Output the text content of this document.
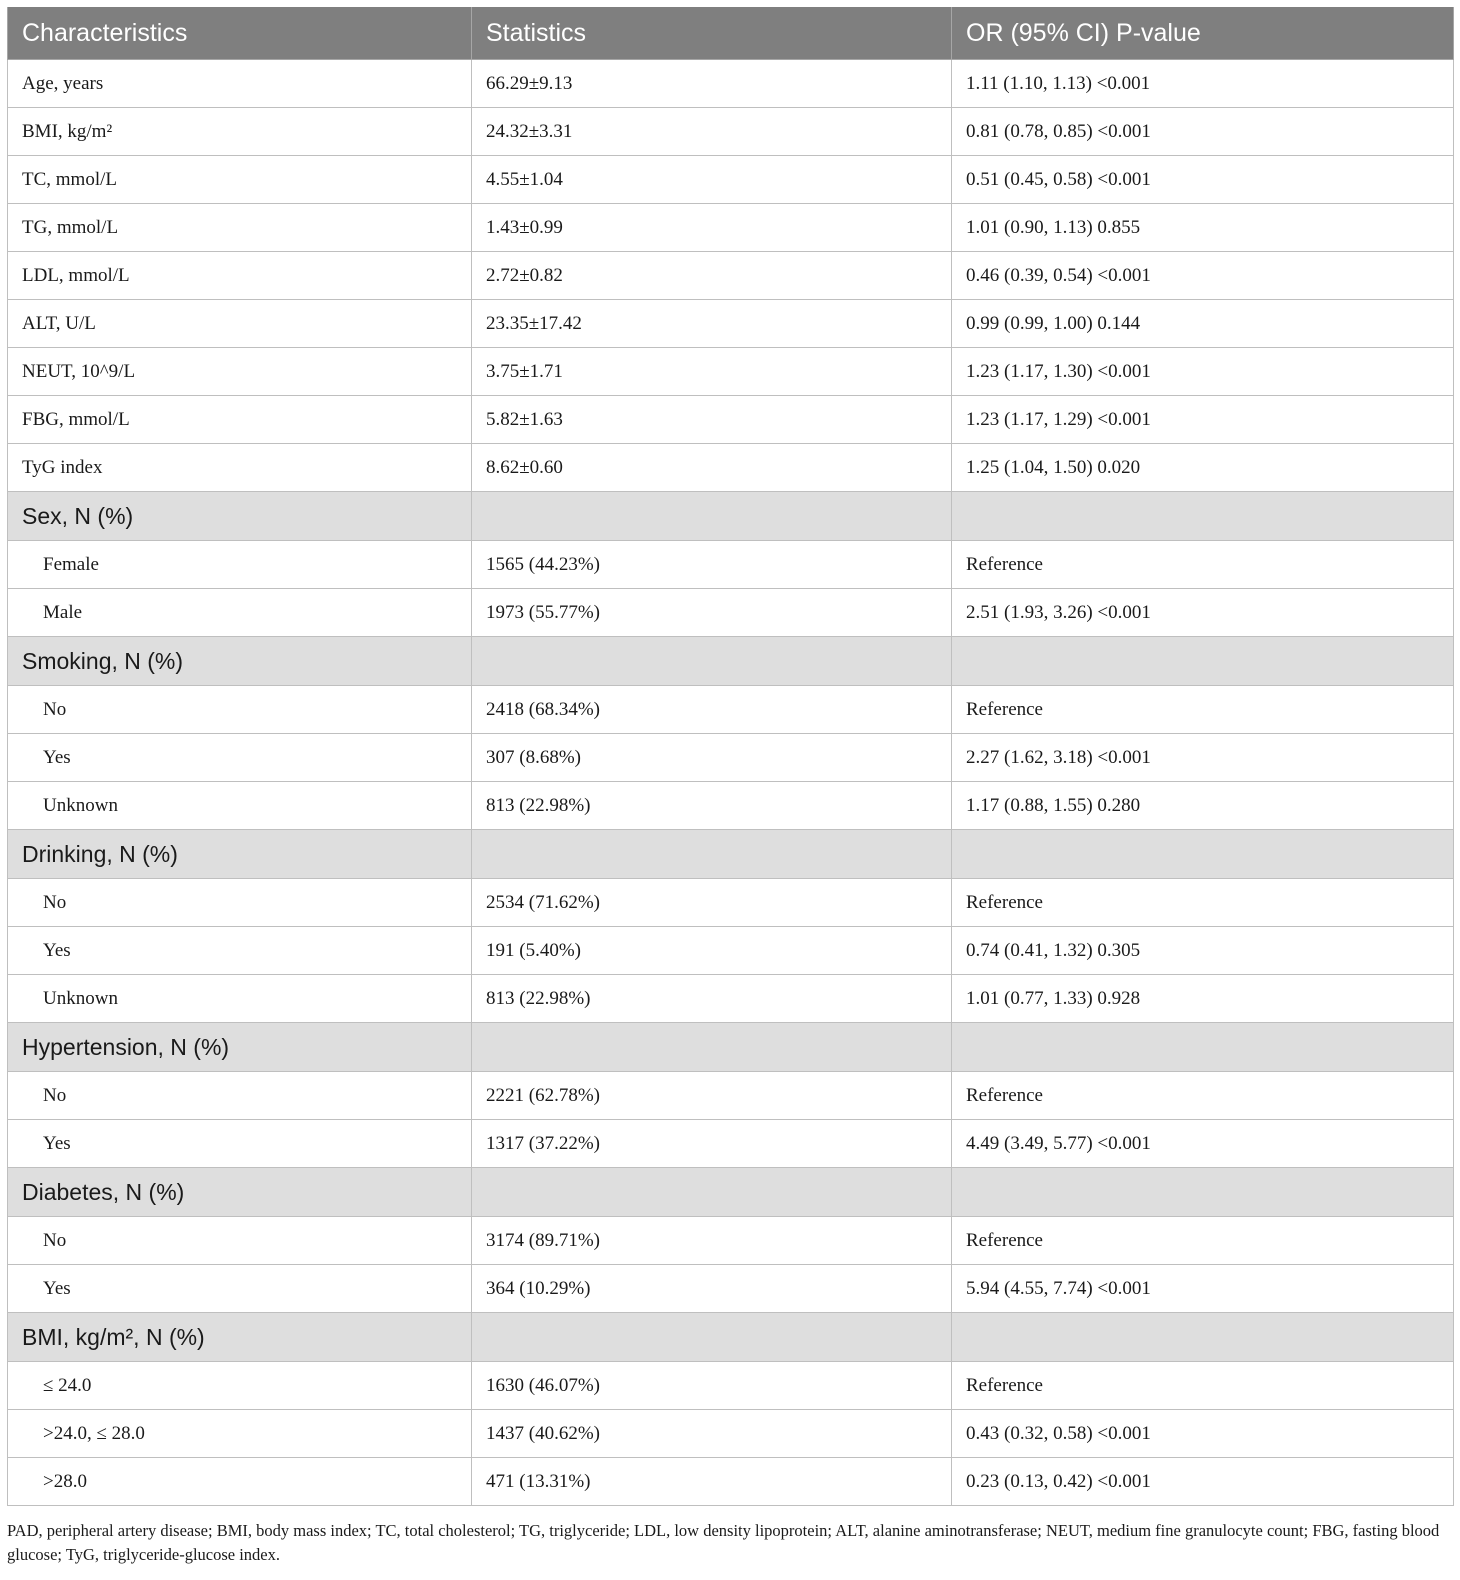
Characteristics	Statistics	OR (95% CI) P-value
Age, years	66.29±9.13	1.11 (1.10, 1.13) <0.001
BMI, kg/m²	24.32±3.31	0.81 (0.78, 0.85) <0.001
TC, mmol/L	4.55±1.04	0.51 (0.45, 0.58) <0.001
TG, mmol/L	1.43±0.99	1.01 (0.90, 1.13) 0.855
LDL, mmol/L	2.72±0.82	0.46 (0.39, 0.54) <0.001
ALT, U/L	23.35±17.42	0.99 (0.99, 1.00) 0.144
NEUT, 10^9/L	3.75±1.71	1.23 (1.17, 1.30) <0.001
FBG, mmol/L	5.82±1.63	1.23 (1.17, 1.29) <0.001
TyG index	8.62±0.60	1.25 (1.04, 1.50) 0.020
Sex, N (%)		
Female	1565 (44.23%)	Reference
Male	1973 (55.77%)	2.51 (1.93, 3.26) <0.001
Smoking, N (%)		
No	2418 (68.34%)	Reference
Yes	307 (8.68%)	2.27 (1.62, 3.18) <0.001
Unknown	813 (22.98%)	1.17 (0.88, 1.55) 0.280
Drinking, N (%)		
No	2534 (71.62%)	Reference
Yes	191 (5.40%)	0.74 (0.41, 1.32) 0.305
Unknown	813 (22.98%)	1.01 (0.77, 1.33) 0.928
Hypertension, N (%)		
No	2221 (62.78%)	Reference
Yes	1317 (37.22%)	4.49 (3.49, 5.77) <0.001
Diabetes, N (%)		
No	3174 (89.71%)	Reference
Yes	364 (10.29%)	5.94 (4.55, 7.74) <0.001
BMI, kg/m², N (%)		
≤ 24.0	1630 (46.07%)	Reference
>24.0, ≤ 28.0	1437 (40.62%)	0.43 (0.32, 0.58) <0.001
>28.0	471 (13.31%)	0.23 (0.13, 0.42) <0.001
PAD, peripheral artery disease; BMI, body mass index; TC, total cholesterol; TG, triglyceride; LDL, low density lipoprotein; ALT, alanine aminotransferase; NEUT, medium fine granulocyte count; FBG, fasting blood glucose; TyG, triglyceride-glucose index.
